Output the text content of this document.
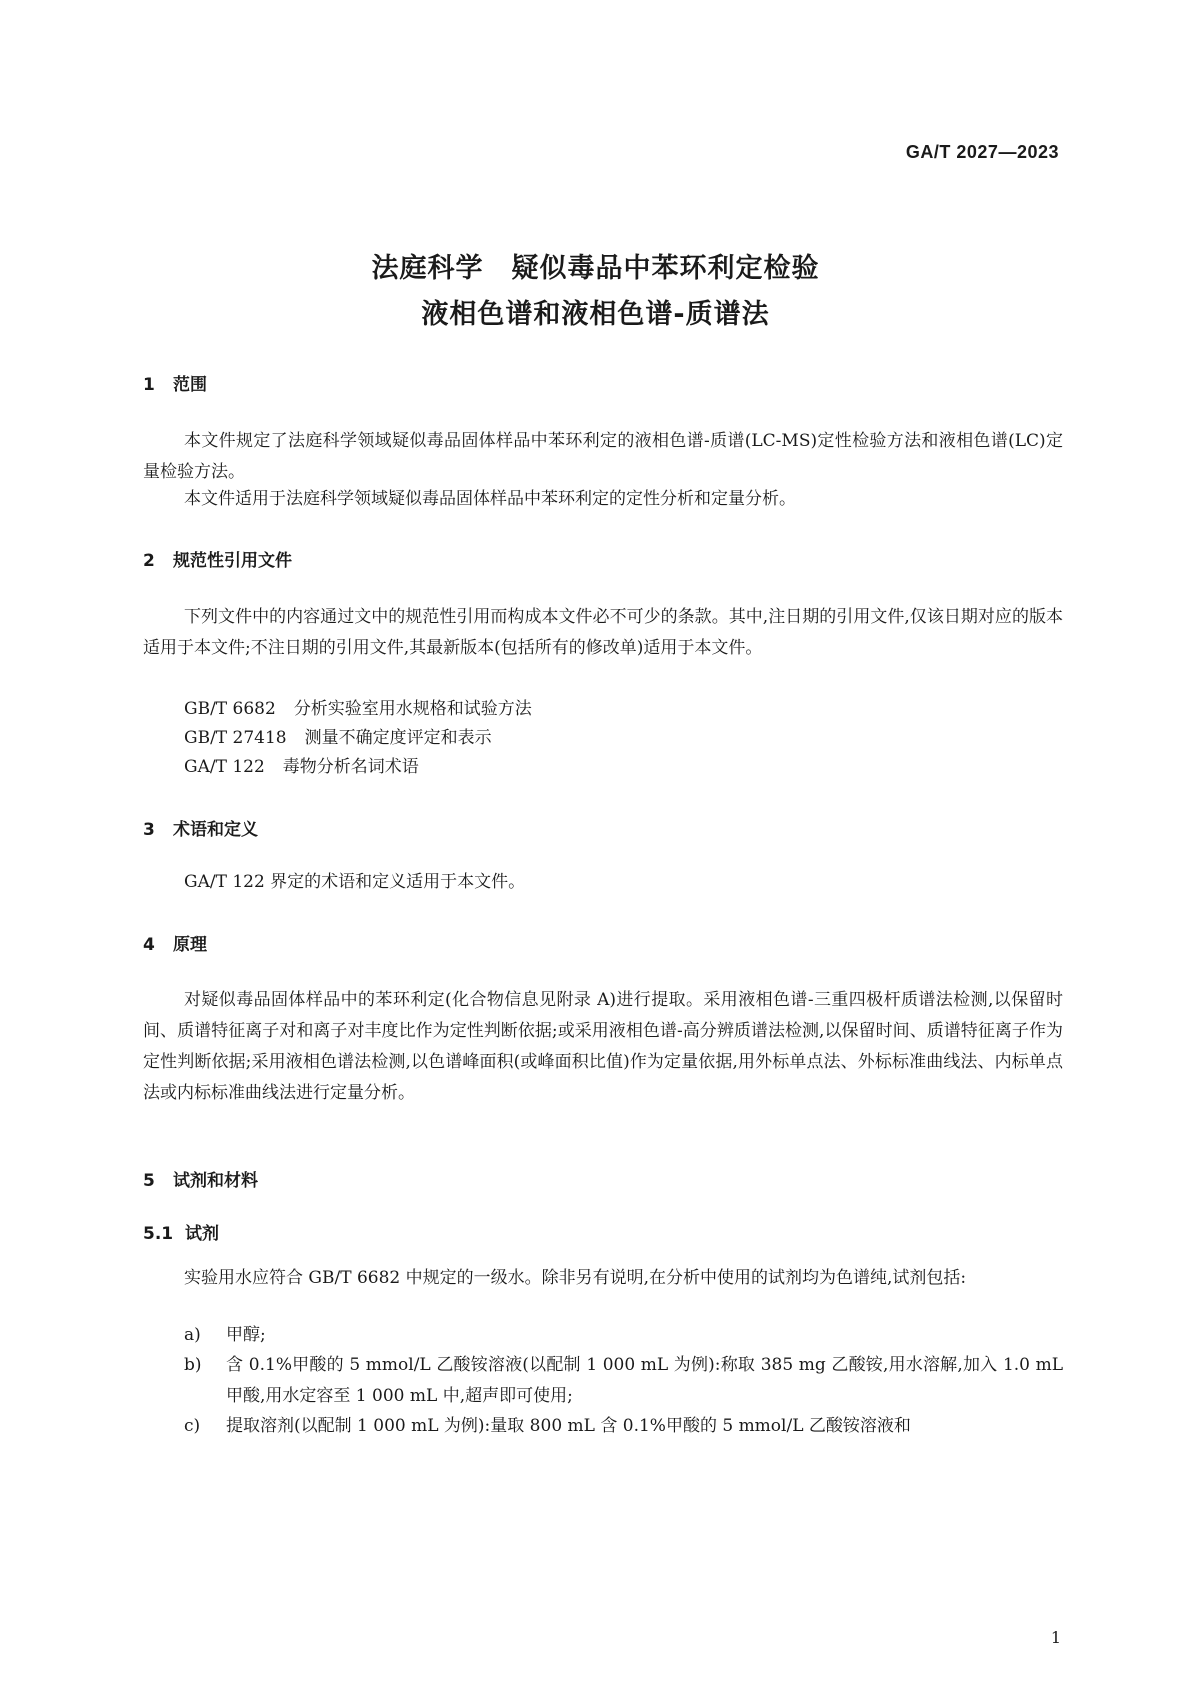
GA/T 2027—2023
法庭科学　疑似毒品中苯环利定检验
液相色谱和液相色谱-质谱法
1 范围
本文件规定了法庭科学领域疑似毒品固体样品中苯环利定的液相色谱-质谱(LC-MS)定性检验方法和液相色谱(LC)定量检验方法。
本文件适用于法庭科学领域疑似毒品固体样品中苯环利定的定性分析和定量分析。
2 规范性引用文件
下列文件中的内容通过文中的规范性引用而构成本文件必不可少的条款。其中,注日期的引用文件,仅该日期对应的版本适用于本文件;不注日期的引用文件,其最新版本(包括所有的修改单)适用于本文件。
GB/T 6682 分析实验室用水规格和试验方法
GB/T 27418 测量不确定度评定和表示
GA/T 122 毒物分析名词术语
3 术语和定义
GA/T 122 界定的术语和定义适用于本文件。
4 原理
对疑似毒品固体样品中的苯环利定(化合物信息见附录 A)进行提取。采用液相色谱-三重四极杆质谱法检测,以保留时间、质谱特征离子对和离子对丰度比作为定性判断依据;或采用液相色谱-高分辨质谱法检测,以保留时间、质谱特征离子作为定性判断依据;采用液相色谱法检测,以色谱峰面积(或峰面积比值)作为定量依据,用外标单点法、外标标准曲线法、内标单点法或内标标准曲线法进行定量分析。
5 试剂和材料
5.1 试剂
实验用水应符合 GB/T 6682 中规定的一级水。除非另有说明,在分析中使用的试剂均为色谱纯,试剂包括:
a)	甲醇;
b)	含 0.1%甲酸的 5 mmol/L 乙酸铵溶液(以配制 1 000 mL 为例):称取 385 mg 乙酸铵,用水溶解,加入 1.0 mL 甲酸,用水定容至 1 000 mL 中,超声即可使用;
c)	提取溶剂(以配制 1 000 mL 为例):量取 800 mL 含 0.1%甲酸的 5 mmol/L 乙酸铵溶液和
1
